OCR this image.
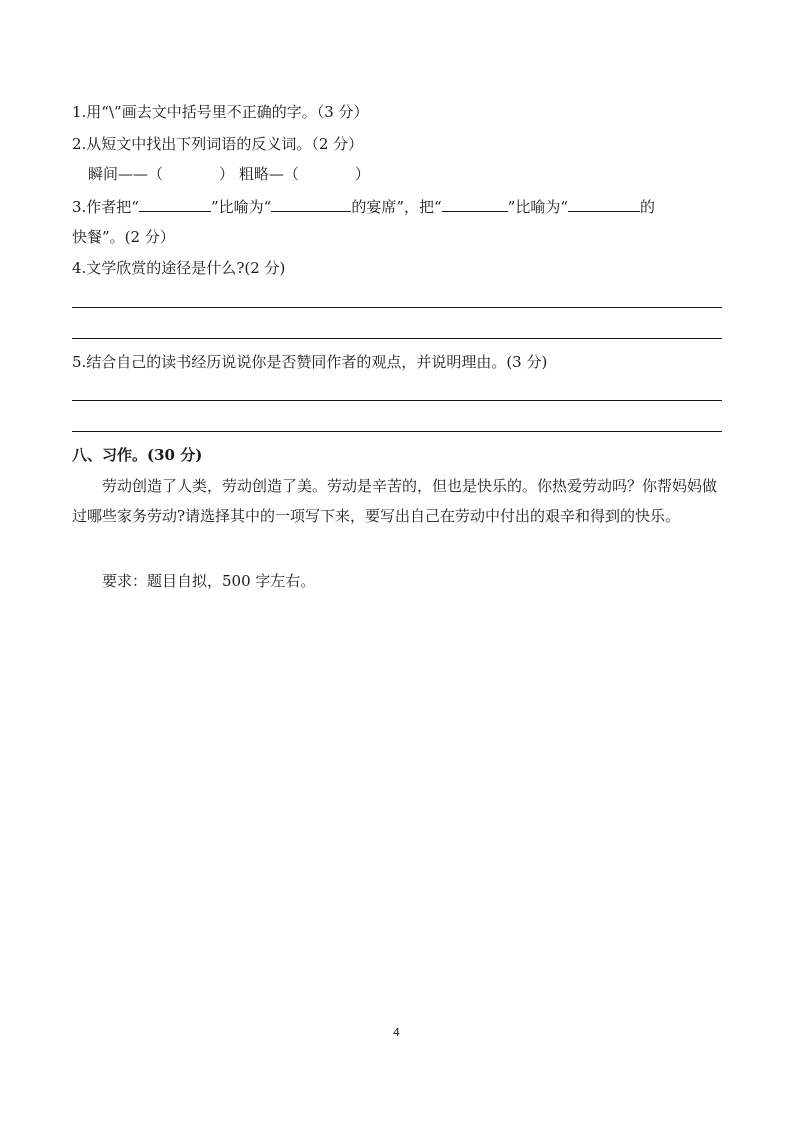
1.用“\”画去文中括号里不正确的字。（3 分）
2.从短文中找出下列词语的反义词。（2 分）
瞬间——（	） 粗略—（	）
3.作者把“	”比喻为“	的宴席”，把“	”比喻为“	的
快餐”。(2 分）
4.文学欣赏的途径是什么?(2 分)
5.结合自己的读书经历说说你是否赞同作者的观点，并说明理由。(3 分)
八、习作。(30 分)
劳动创造了人类，劳动创造了美。劳动是辛苦的，但也是快乐的。你热爱劳动吗？你帮妈妈做过哪些家务劳动?请选择其中的一项写下来，要写出自己在劳动中付出的艰辛和得到的快乐。
要求：题目自拟，500 字左右。
4
